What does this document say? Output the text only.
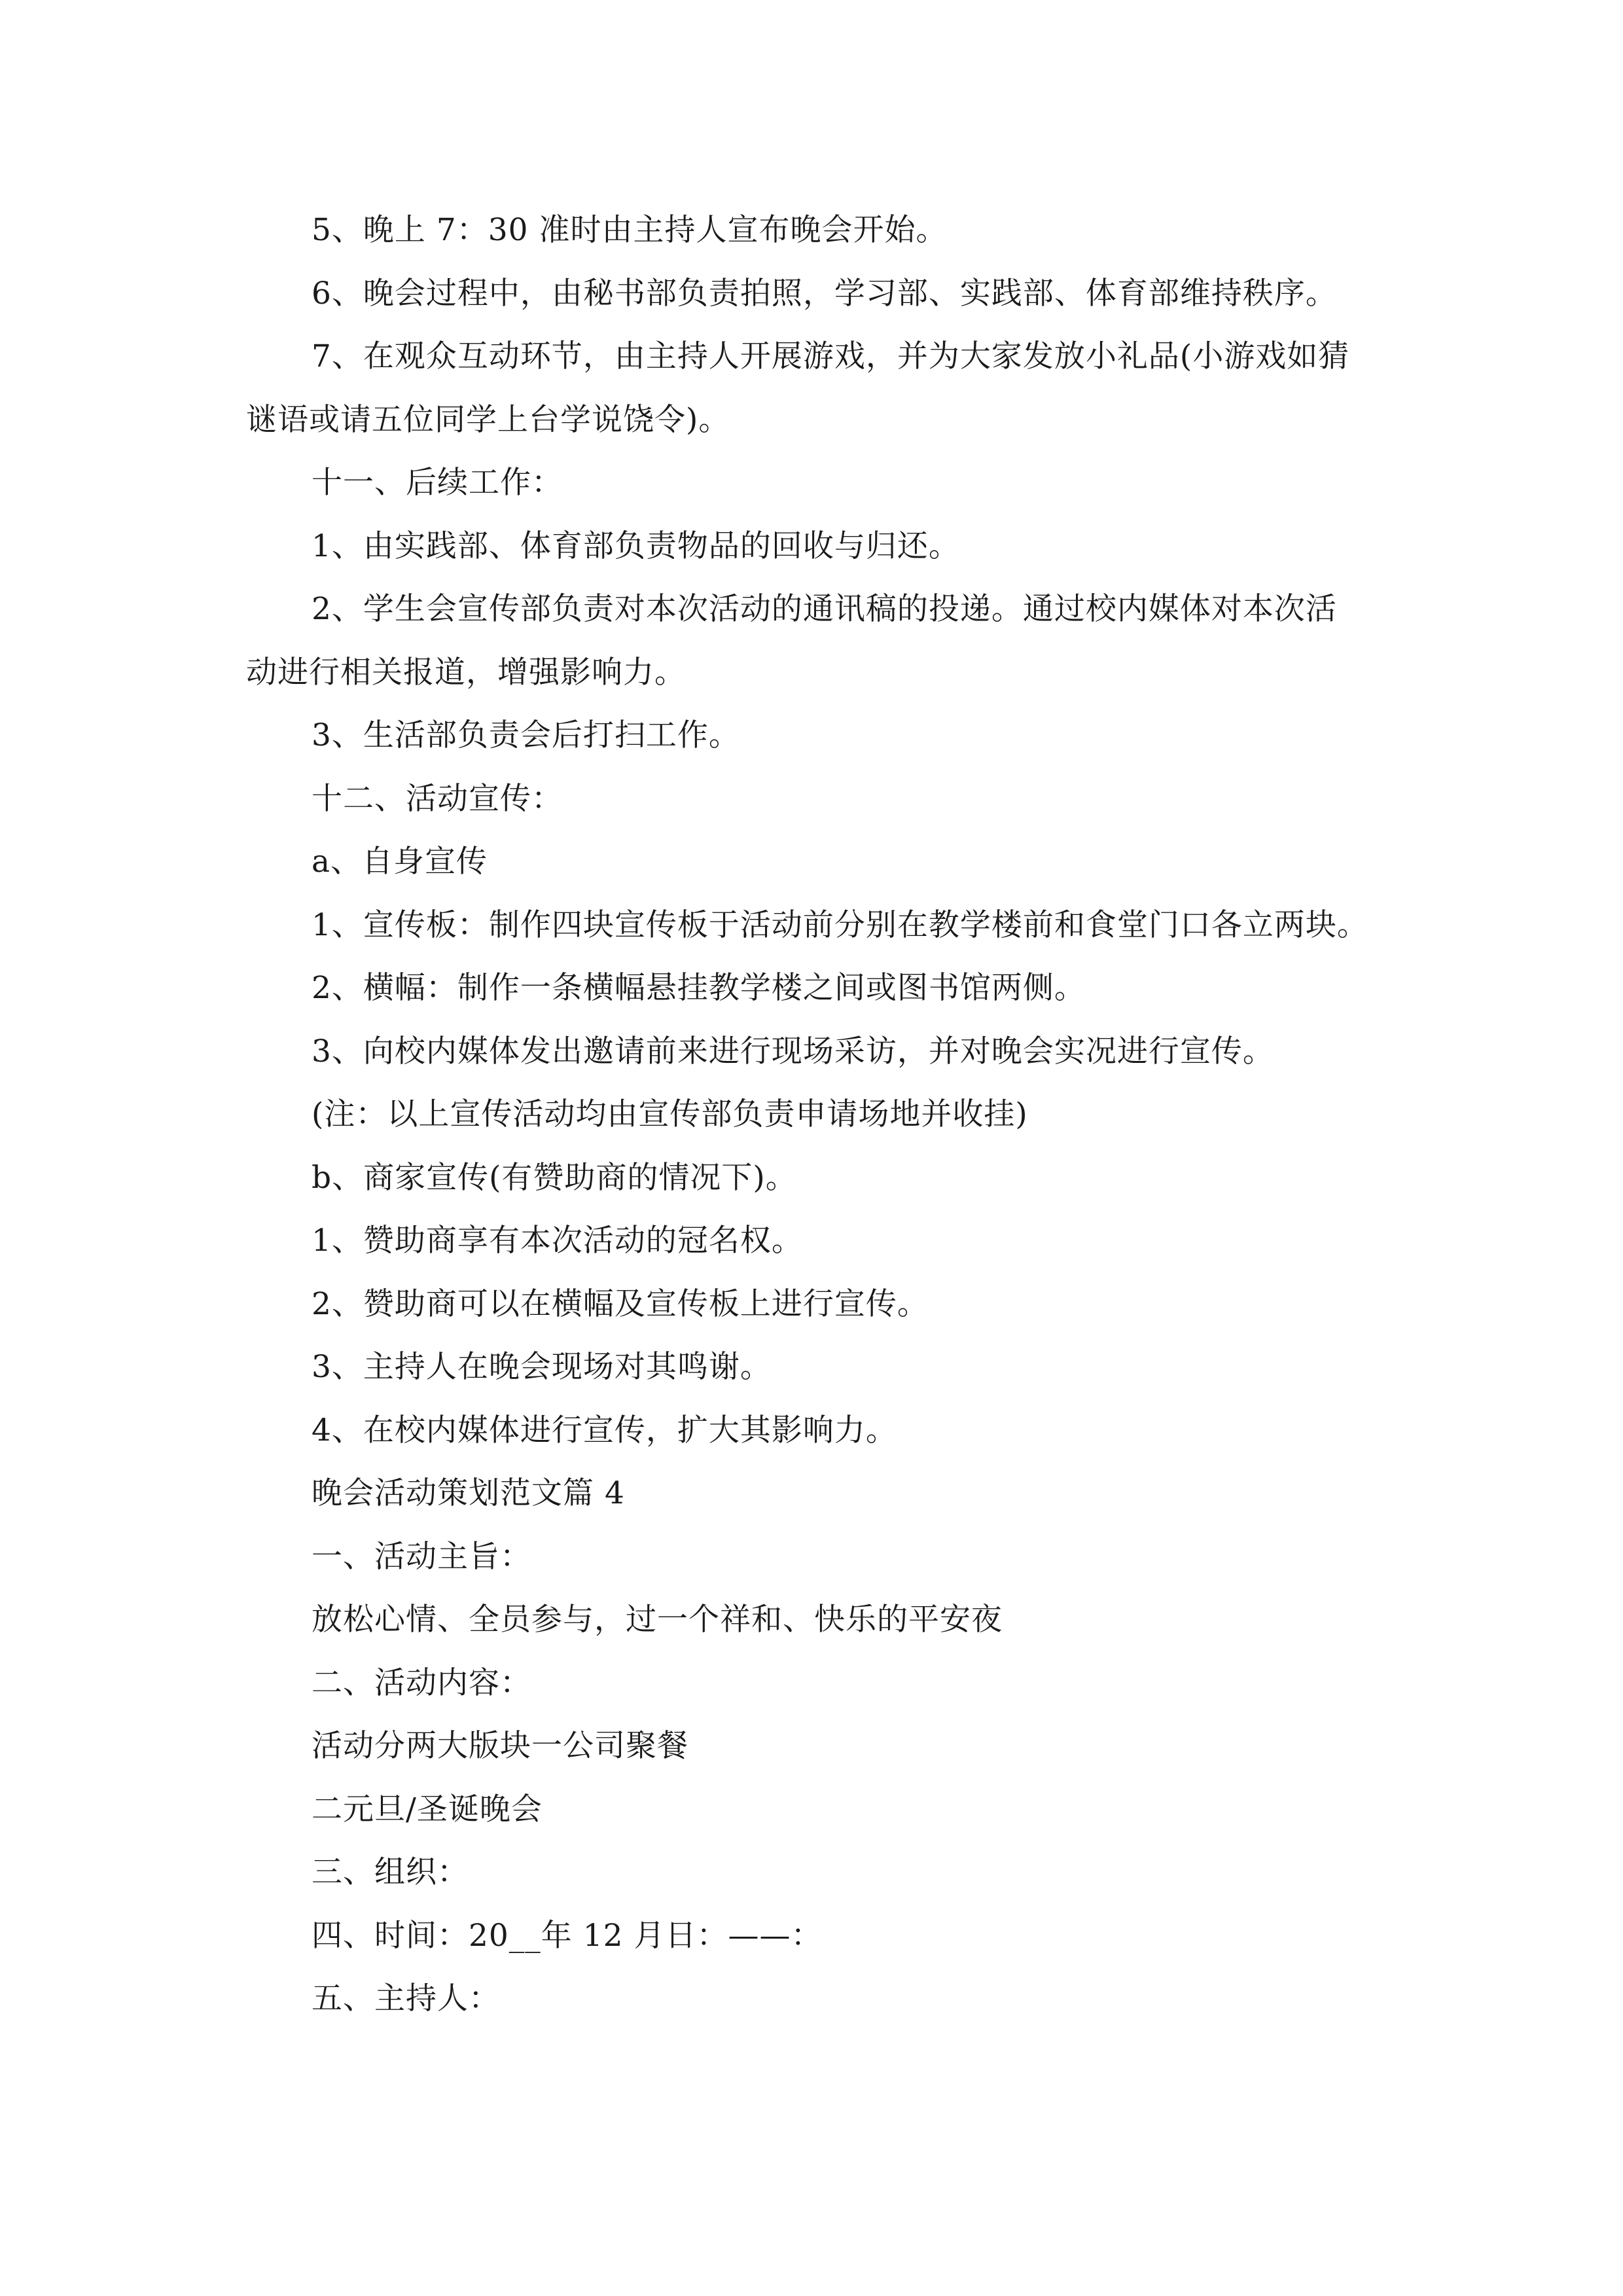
5、晚上 7：30 准时由主持人宣布晚会开始。
6、晚会过程中，由秘书部负责拍照，学习部、实践部、体育部维持秩序。
7、在观众互动环节，由主持人开展游戏，并为大家发放小礼品(小游戏如猜
谜语或请五位同学上台学说饶令)。
十一、后续工作：
1、由实践部、体育部负责物品的回收与归还。
2、学生会宣传部负责对本次活动的通讯稿的投递。通过校内媒体对本次活
动进行相关报道，增强影响力。
3、生活部负责会后打扫工作。
十二、活动宣传：
a、自身宣传
1、宣传板：制作四块宣传板于活动前分别在教学楼前和食堂门口各立两块。
2、横幅：制作一条横幅悬挂教学楼之间或图书馆两侧。
3、向校内媒体发出邀请前来进行现场采访，并对晚会实况进行宣传。
(注：以上宣传活动均由宣传部负责申请场地并收挂)
b、商家宣传(有赞助商的情况下)。
1、赞助商享有本次活动的冠名权。
2、赞助商可以在横幅及宣传板上进行宣传。
3、主持人在晚会现场对其鸣谢。
4、在校内媒体进行宣传，扩大其影响力。
晚会活动策划范文篇 4
一、活动主旨：
放松心情、全员参与，过一个祥和、快乐的平安夜
二、活动内容：
活动分两大版块一公司聚餐
二元旦/圣诞晚会
三、组织：
四、时间：20__年 12 月日：——：
五、主持人：
